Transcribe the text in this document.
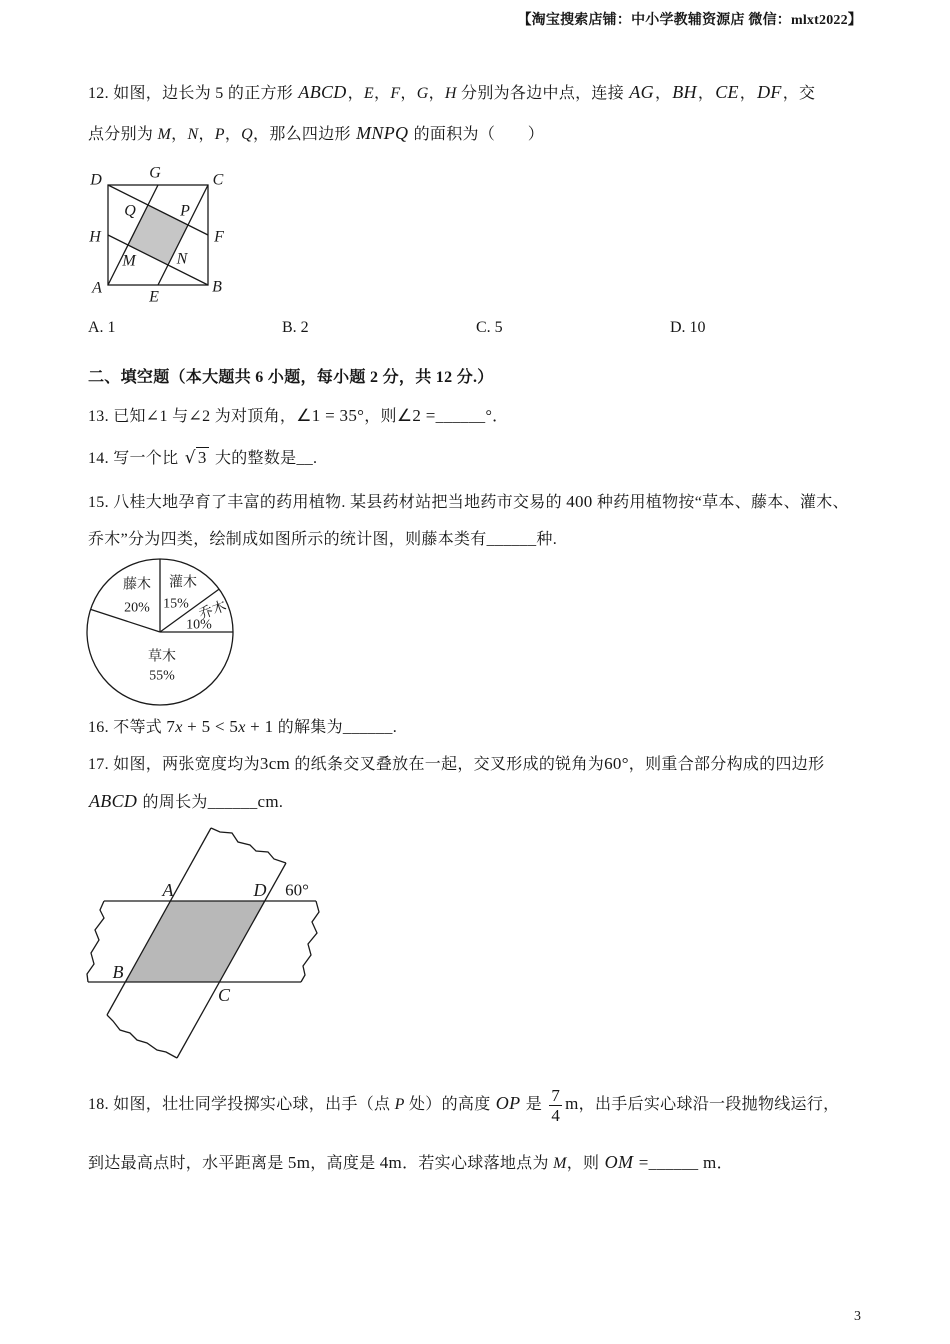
【淘宝搜索店铺：中小学教辅资源店 微信：mlxt2022】

12. 如图，边长为 5 的正方形 ABCD，E，F，G，H 分别为各边中点，连接 AG，BH，CE，DF，交

点分别为 M，N，P，Q，那么四边形 MNPQ 的面积为（　　）

D	G	C
H	F
A
E
B
Q	P
M	N
A. 1	B. 2	C. 5	D. 10

二、填空题（本大题共 6 小题，每小题 2 分，共 12 分.）

13. 已知∠1 与∠2 为对顶角，∠1 = 35°，则∠2 =______°．

14. 写一个比 √ 3 大的整数是__.

15. 八桂大地孕育了丰富的药用植物. 某县药材站把当地药市交易的 400 种药用植物按“草本、藤本、灌木、

乔木”分为四类，绘制成如图所示的统计图，则藤本类有______种.

藤木
20%
灌木
15% 乔木
10%
草木
55%

16. 不等式 7x + 5 < 5x + 1 的解集为______.

17. 如图，两张宽度均为3cm 的纸条交叉叠放在一起，交叉形成的锐角为60°，则重合部分构成的四边形

ABCD 的周长为______cm.

A	D 60°
B
C

18. 如图，壮壮同学投掷实心球，出手（点 P 处）的高度 OP 是 $\frac{7}{4}$ m，出手后实心球沿一段抛物线运行，

到达最高点时，水平距离是 5m，高度是 4m．若实心球落地点为 M，则 OM =______ m．

3
